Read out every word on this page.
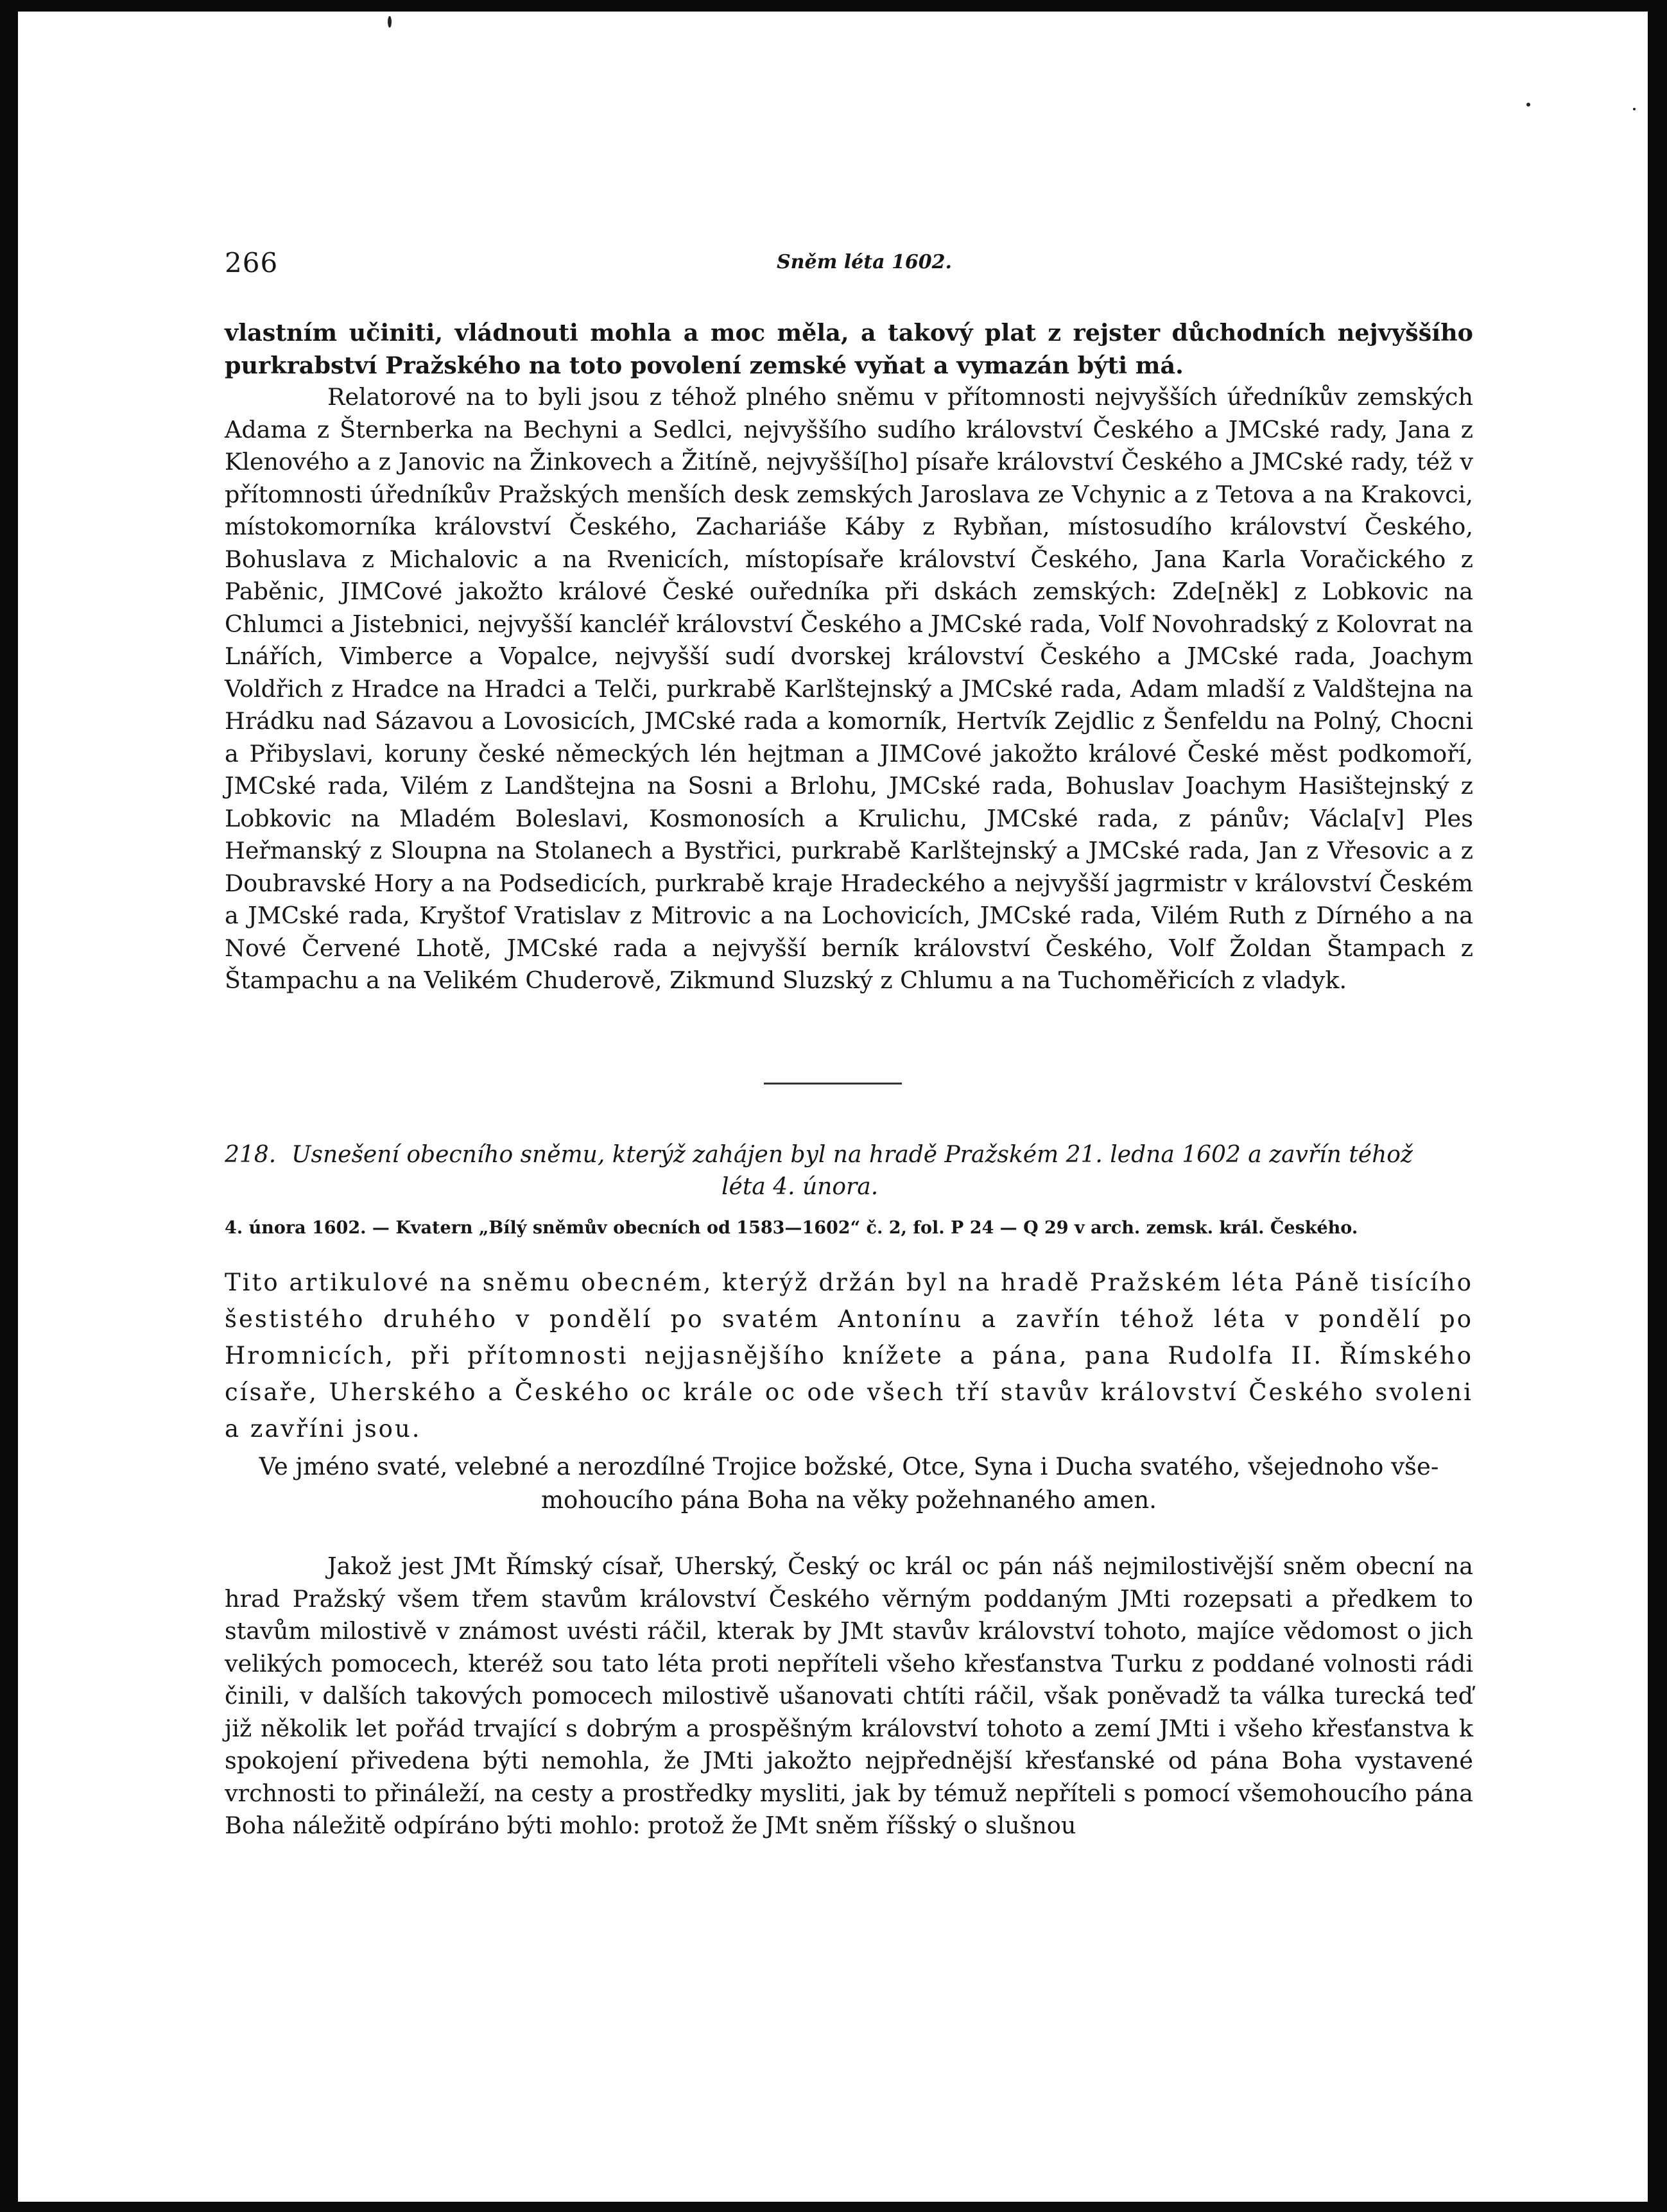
266	Sněm léta 1602.

vlastním učiniti, vládnouti mohla a moc měla, a takový plat z rejster důchodních nejvyššího purkrabství Pražského na toto povolení zemské vyňat a vymazán býti má.

Relatorové na to byli jsou z téhož plného sněmu v přítomnosti nejvyšších úředníkův zemských Adama z Šternberka na Bechyni a Sedlci, nejvyššího sudího království Českého a JMCské rady, Jana z Klenového a z Janovic na Žinkovech a Žitíně, nejvyšší[ho] písaře království Českého a JMCské rady, též v přítomnosti úředníkův Pražských menších desk zemských Jaroslava ze Vchynic a z Tetova a na Krakovci, místokomorníka království Českého, Zachariáše Káby z Rybňan, místosudího království Českého, Bohuslava z Michalovic a na Rvenicích, místopísaře království Českého, Jana Karla Voračického z Paběnic, JIMCové jakožto králové České ouředníka při dskách zemských: Zde[něk] z Lobkovic na Chlumci a Jistebnici, nejvyšší kancléř království Českého a JMCské rada, Volf Novohradský z Kolovrat na Lnářích, Vimberce a Vopalce, nejvyšší sudí dvorskej království Českého a JMCské rada, Joachym Voldřich z Hradce na Hradci a Telči, purkrabě Karlštejnský a JMCské rada, Adam mladší z Valdštejna na Hrádku nad Sázavou a Lovosicích, JMCské rada a komorník, Hertvík Zejdlic z Šenfeldu na Polný, Chocni a Přibyslavi, koruny české německých lén hejtman a JIMCové jakožto králové České měst podkomoří, JMCské rada, Vilém z Landštejna na Sosni a Brlohu, JMCské rada, Bohuslav Joachym Hasištejnský z Lobkovic na Mladém Boleslavi, Kosmonosích a Krulichu, JMCské rada, z pánův; Václa[v] Ples Heřmanský z Sloupna na Stolanech a Bystřici, purkrabě Karlštejnský a JMCské rada, Jan z Vřesovic a z Doubravské Hory a na Podsedicích, purkrabě kraje Hradeckého a nejvyšší jagrmistr v království Českém a JMCské rada, Kryštof Vratislav z Mitrovic a na Lochovicích, JMCské rada, Vilém Ruth z Dírného a na Nové Červené Lhotě, JMCské rada a nejvyšší berník království Českého, Volf Žoldan Štampach z Štampachu a na Velikém Chuderově, Zikmund Sluzský z Chlumu a na Tuchoměřicích z vladyk.

218. Usnešení obecního sněmu, kterýž zahájen byl na hradě Pražském 21. ledna 1602 a zavřín téhož
léta 4. února.
4. února 1602. — Kvatern „Bílý sněmův obecních od 1583—1602“ č. 2, fol. P 24 — Q 29 v arch. zemsk. král. Českého.

Tito artikulové na sněmu obecném, kterýž držán byl na hradě Pražském léta Páně tisícího šestistého druhého v pondělí po svatém Antonínu a zavřín téhož léta v pondělí po Hromnicích, při přítomnosti nejjasnějšího knížete a pána, pana Rudolfa II. Římského císaře, Uherského a Českého oc krále oc ode všech tří stavův království Českého svoleni a zavříni jsou.

Ve jméno svaté, velebné a nerozdílné Trojice božské, Otce, Syna i Ducha svatého, všejednoho vše-

mohoucího pána Boha na věky požehnaného amen.

Jakož jest JMt Římský císař, Uherský, Český oc král oc pán náš nejmilostivější sněm obecní na hrad Pražský všem třem stavům království Českého věrným poddaným JMti rozepsati a předkem to stavům milostivě v známost uvésti ráčil, kterak by JMt stavův království tohoto, majíce vědomost o jich velikých pomocech, kteréž sou tato léta proti nepříteli všeho křesťanstva Turku z poddané volnosti rádi činili, v dalších takových pomocech milostivě ušanovati chtíti ráčil, však poněvadž ta válka turecká teď již několik let pořád trvající s dobrým a prospěšným království tohoto a zemí JMti i všeho křesťanstva k spokojení přivedena býti nemohla, že JMti jakožto nejpřednější křesťanské od pána Boha vystavené vrchnosti to přináleží, na cesty a prostředky mysliti, jak by témuž nepříteli s pomocí všemohoucího pána Boha náležitě odpíráno býti mohlo: protož že JMt sněm říšský o slušnou
